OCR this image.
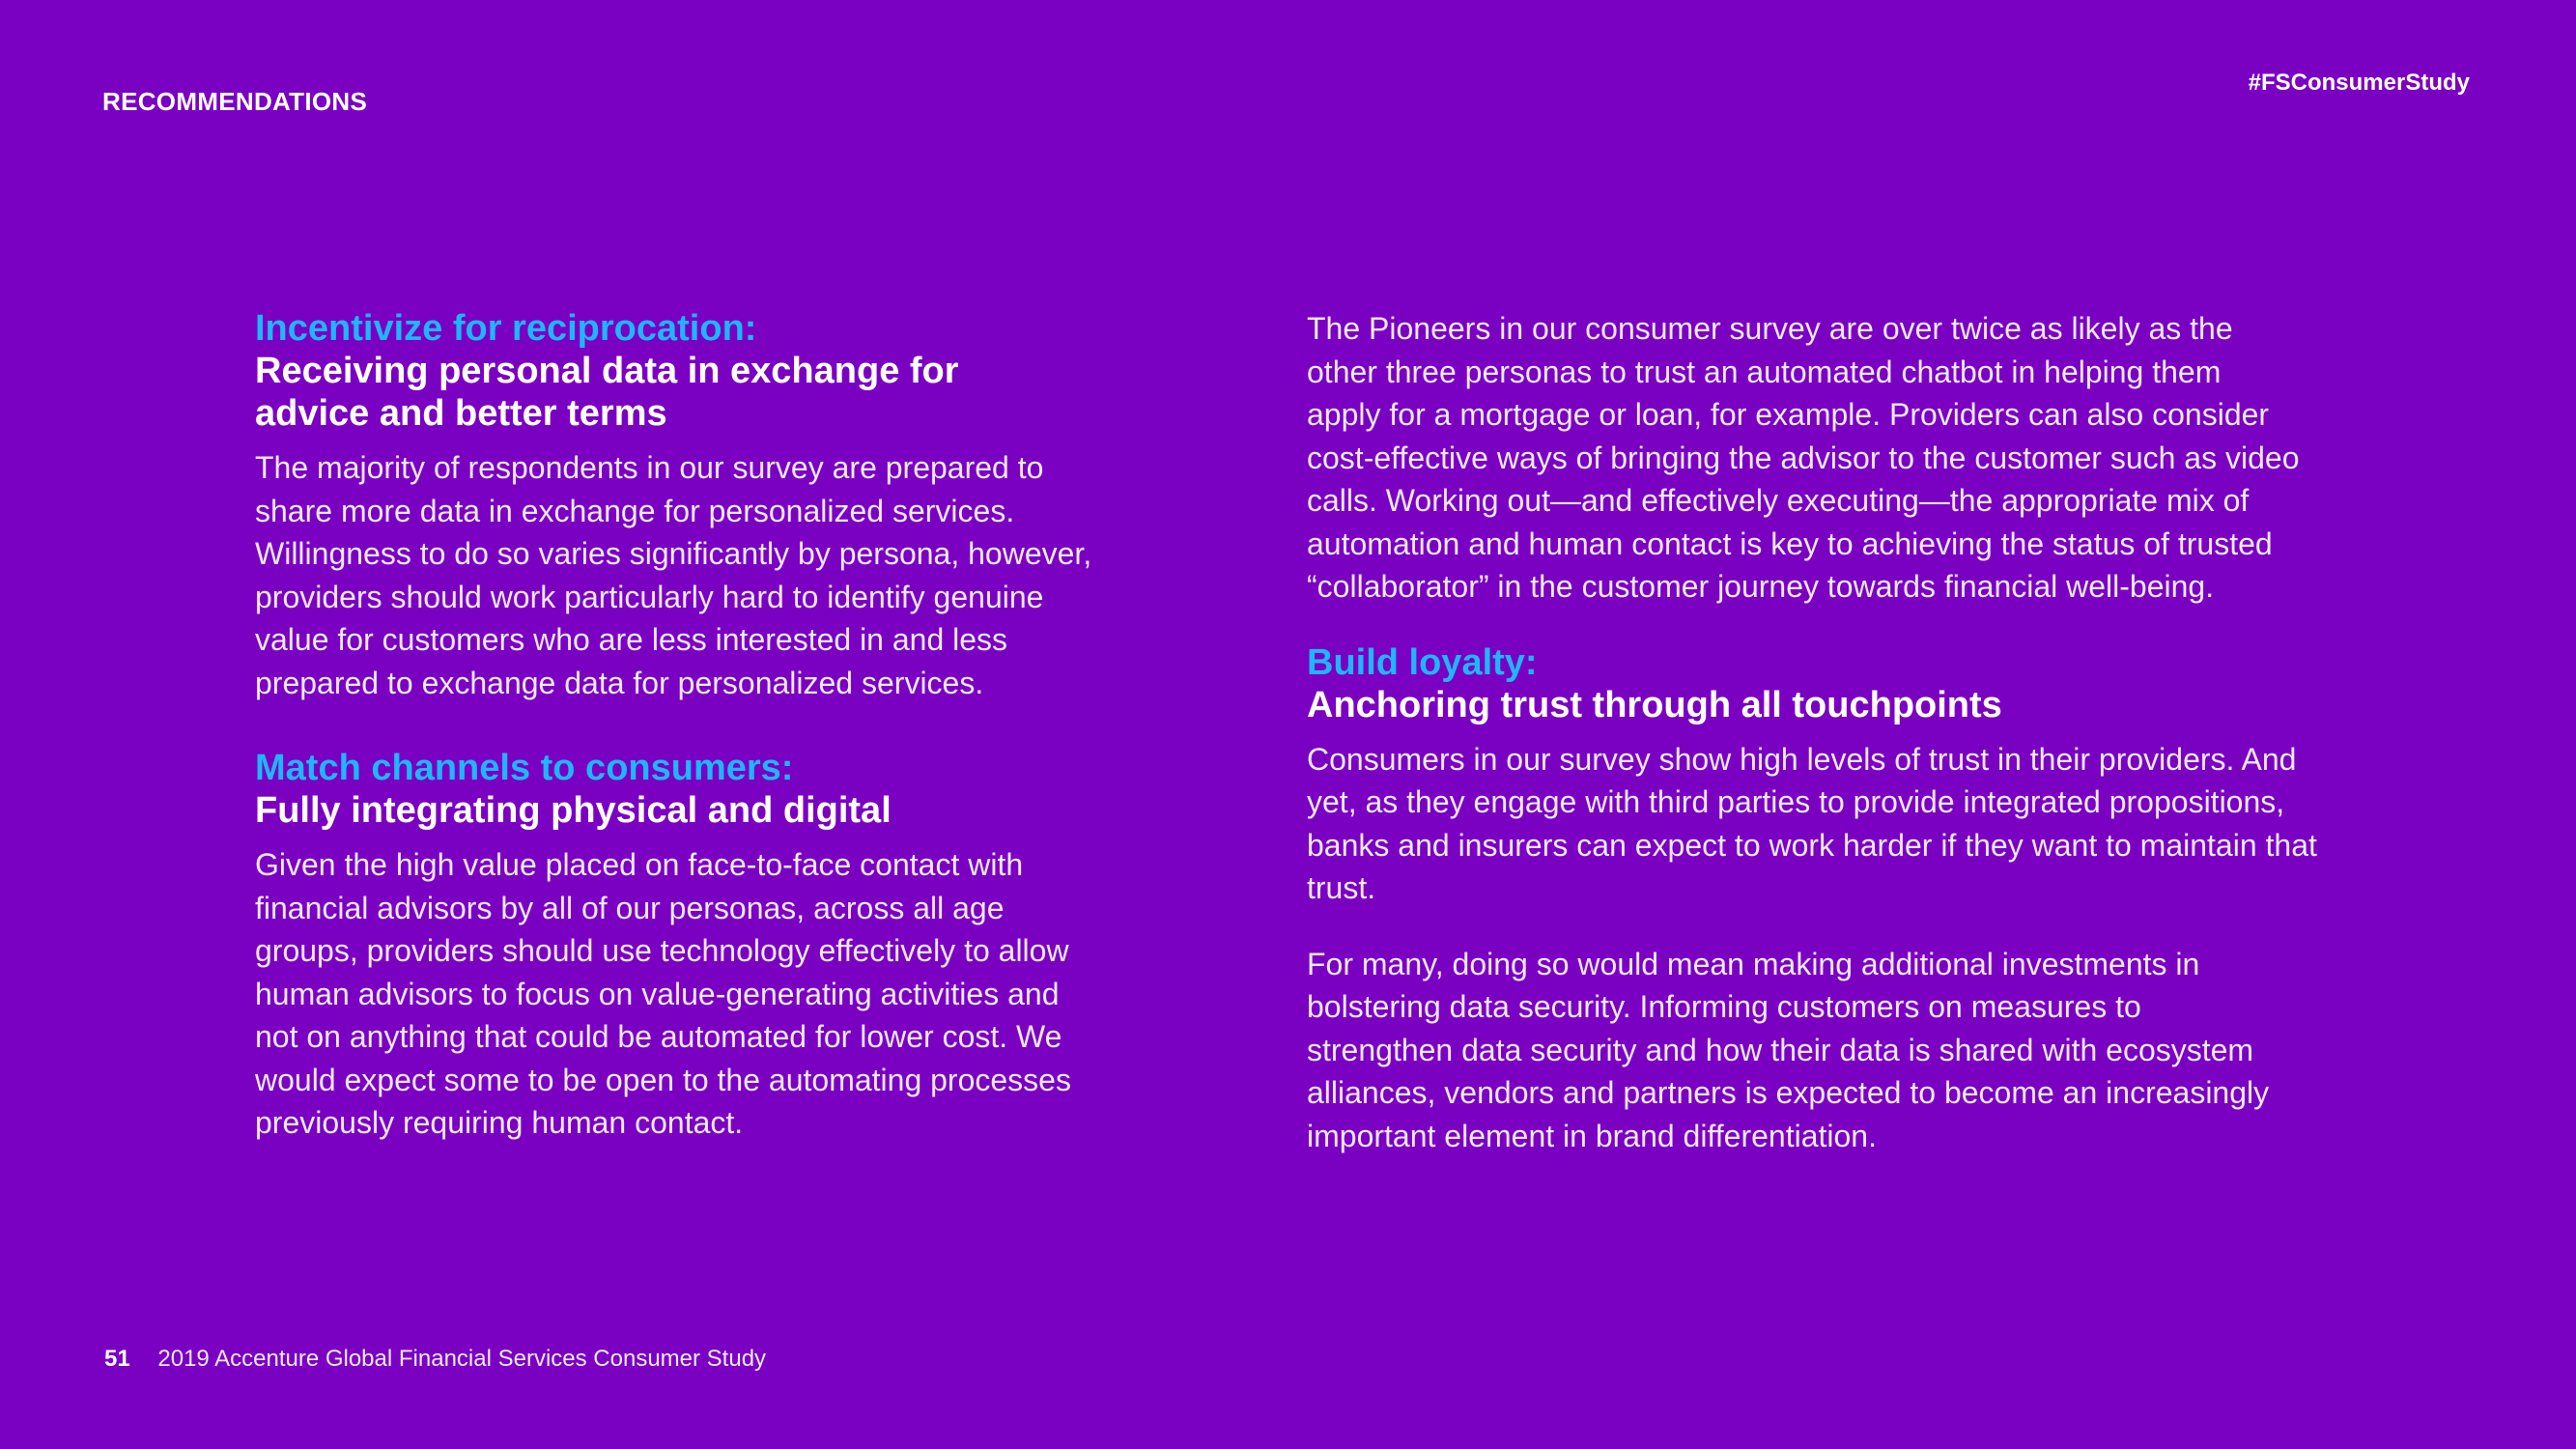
RECOMMENDATIONS
#FSConsumerStudy

Incentivize for reciprocation:

Receiving personal data in exchange for advice and better terms

The majority of respondents in our survey are prepared to share more data in exchange for personalized services. Willingness to do so varies significantly by persona, however, providers should work particularly hard to identify genuine value for customers who are less interested in and less prepared to exchange data for personalized services.

Match channels to consumers:

Fully integrating physical and digital

Given the high value placed on face-to-face contact with financial advisors by all of our personas, across all age groups, providers should use technology effectively to allow human advisors to focus on value-generating activities and not on anything that could be automated for lower cost. We would expect some to be open to the automating processes previously requiring human contact.

The Pioneers in our consumer survey are over twice as likely as the other three personas to trust an automated chatbot in helping them apply for a mortgage or loan, for example. Providers can also consider cost-effective ways of bringing the advisor to the customer such as video calls. Working out—and effectively executing—the appropriate mix of automation and human contact is key to achieving the status of trusted “collaborator” in the customer journey towards financial well-being.

Build loyalty:

Anchoring trust through all touchpoints

Consumers in our survey show high levels of trust in their providers. And yet, as they engage with third parties to provide integrated propositions, banks and insurers can expect to work harder if they want to maintain that trust.

For many, doing so would mean making additional investments in bolstering data security. Informing customers on measures to strengthen data security and how their data is shared with ecosystem alliances, vendors and partners is expected to become an increasingly important element in brand differentiation.

51 2019 Accenture Global Financial Services Consumer Study
